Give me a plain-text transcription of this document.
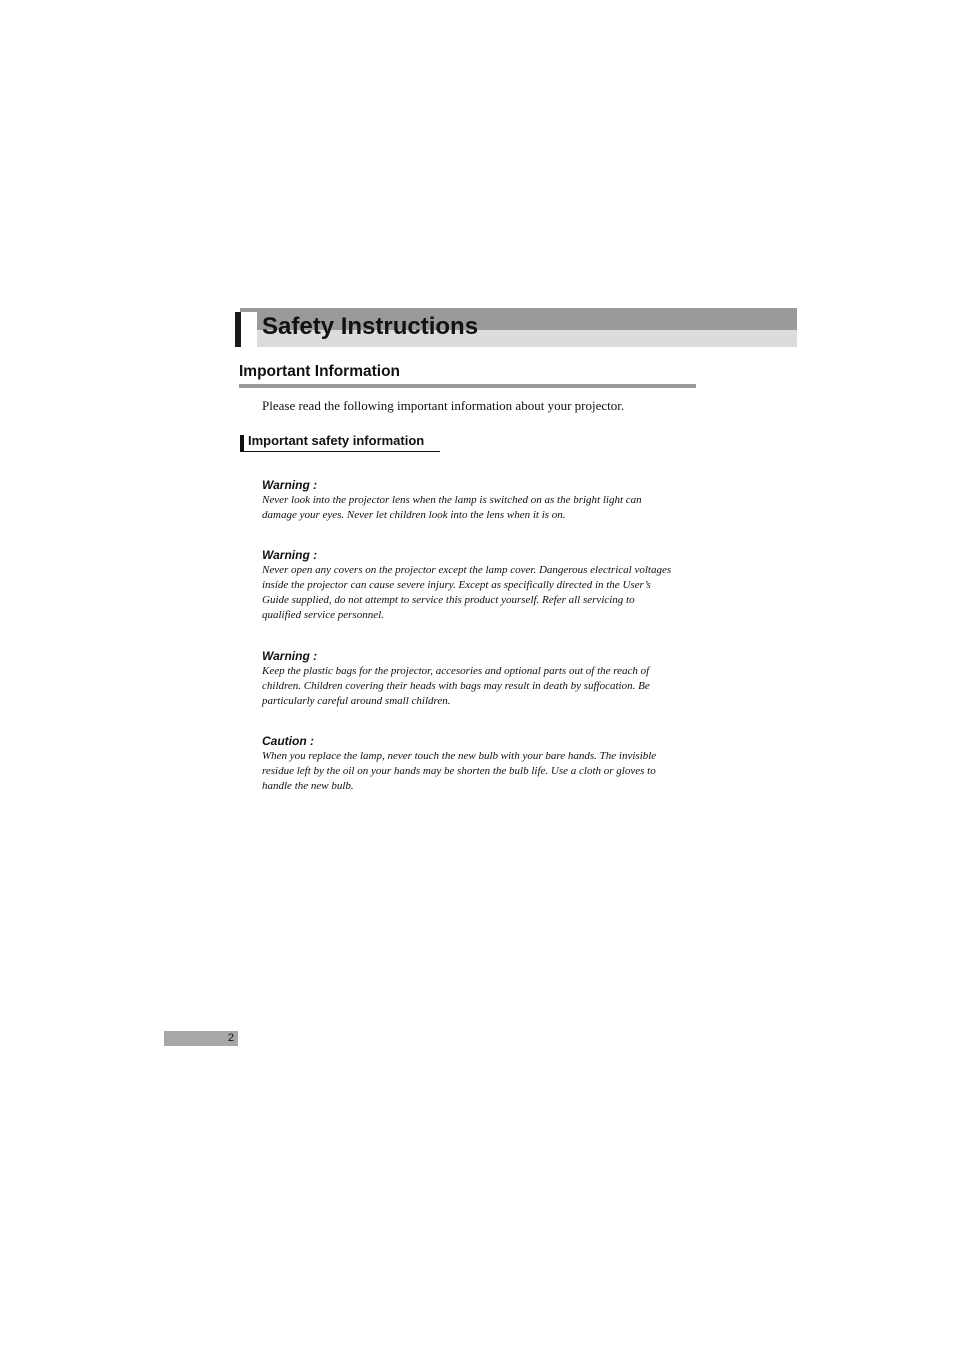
Safety Instructions
Important Information

Please read the following important information about your projector.

Important safety information

Warning :

Never look into the projector lens when the lamp is switched on as the bright light can
damage your eyes. Never let children look into the lens when it is on.

Warning :

Never open any covers on the projector except the lamp cover. Dangerous electrical voltages
inside the projector can cause severe injury. Except as specifically directed in the User’s
Guide supplied, do not attempt to service this product yourself. Refer all servicing to
qualified service personnel.

Warning :

Keep the plastic bags for the projector, accesories and optional parts out of the reach of
children. Children covering their heads with bags may result in death by suffocation. Be
particularly careful around small children.

Caution :

When you replace the lamp, never touch the new bulb with your bare hands. The invisible
residue left by the oil on your hands may be shorten the bulb life. Use a cloth or gloves to
handle the new bulb.

2
